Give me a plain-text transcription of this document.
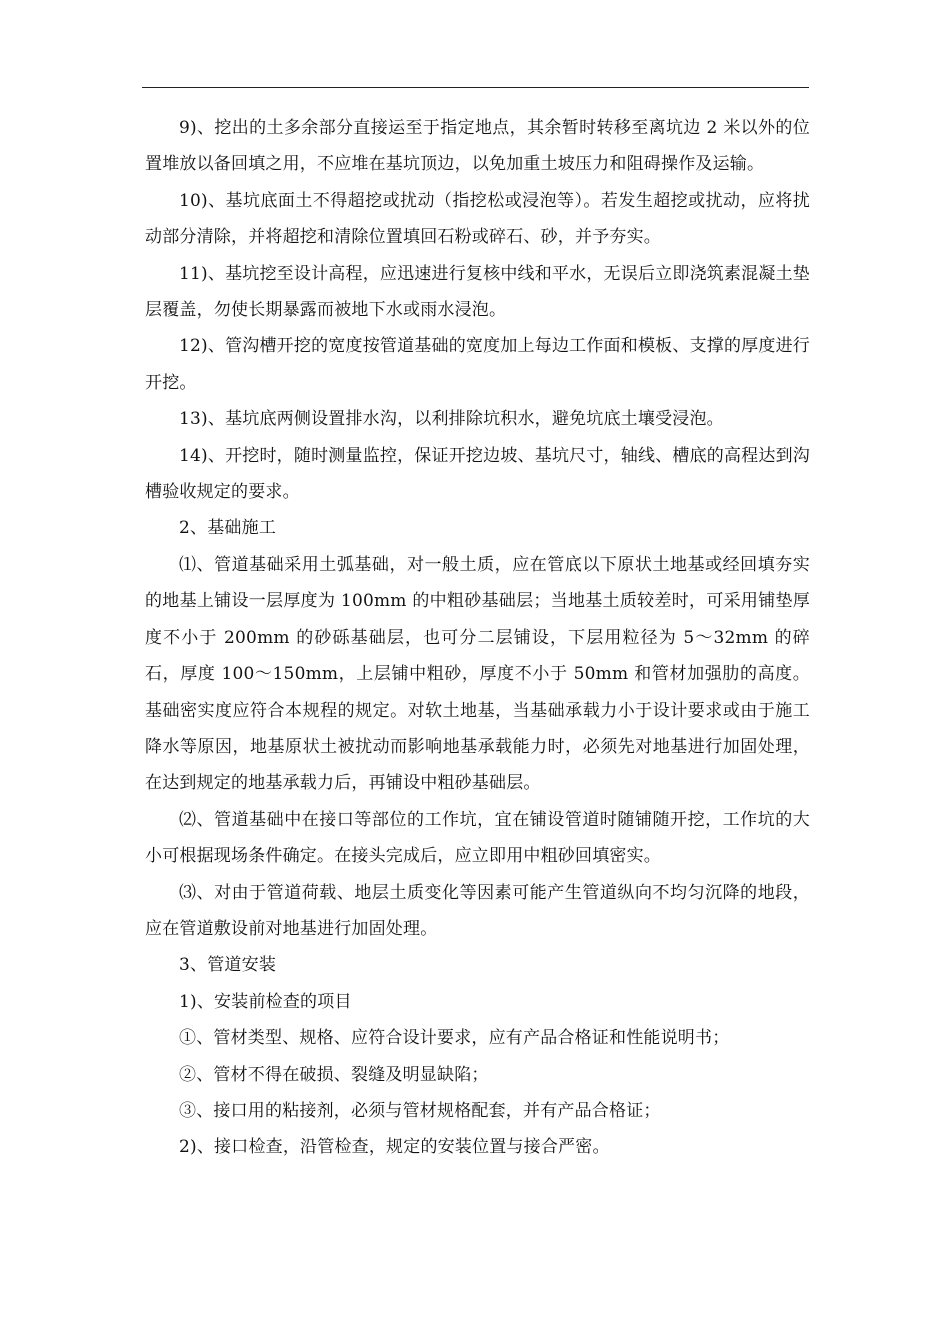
9)、挖出的土多余部分直接运至于指定地点，其余暂时转移至离坑边 2 米以外的位置堆放以备回填之用，不应堆在基坑顶边，以免加重土坡压力和阻碍操作及运输。

10)、基坑底面土不得超挖或扰动（指挖松或浸泡等）。若发生超挖或扰动，应将扰动部分清除，并将超挖和清除位置填回石粉或碎石、砂，并予夯实。

11)、基坑挖至设计高程，应迅速进行复核中线和平水，无误后立即浇筑素混凝土垫层覆盖，勿使长期暴露而被地下水或雨水浸泡。

12)、管沟槽开挖的宽度按管道基础的宽度加上每边工作面和模板、支撑的厚度进行开挖。

13)、基坑底两侧设置排水沟，以利排除坑积水，避免坑底土壤受浸泡。

14)、开挖时，随时测量监控，保证开挖边坡、基坑尺寸，轴线、槽底的高程达到沟槽验收规定的要求。

2、基础施工

⑴、管道基础采用土弧基础，对一般土质，应在管底以下原状土地基或经回填夯实的地基上铺设一层厚度为 100mm 的中粗砂基础层；当地基土质较差时，可采用铺垫厚度不小于 200mm 的砂砾基础层，也可分二层铺设，下层用粒径为 5～32mm 的碎石，厚度 100～150mm，上层铺中粗砂，厚度不小于 50mm 和管材加强肋的高度。基础密实度应符合本规程的规定。对软土地基，当基础承载力小于设计要求或由于施工降水等原因，地基原状土被扰动而影响地基承载能力时，必须先对地基进行加固处理，在达到规定的地基承载力后，再铺设中粗砂基础层。

⑵、管道基础中在接口等部位的工作坑，宜在铺设管道时随铺随开挖，工作坑的大小可根据现场条件确定。在接头完成后，应立即用中粗砂回填密实。

⑶、对由于管道荷载、地层土质变化等因素可能产生管道纵向不均匀沉降的地段，应在管道敷设前对地基进行加固处理。

3、管道安装

1)、安装前检查的项目

①、管材类型、规格、应符合设计要求，应有产品合格证和性能说明书；

②、管材不得在破损、裂缝及明显缺陷；

③、接口用的粘接剂，必须与管材规格配套，并有产品合格证；

2)、接口检查，沿管检查，规定的安装位置与接合严密。
